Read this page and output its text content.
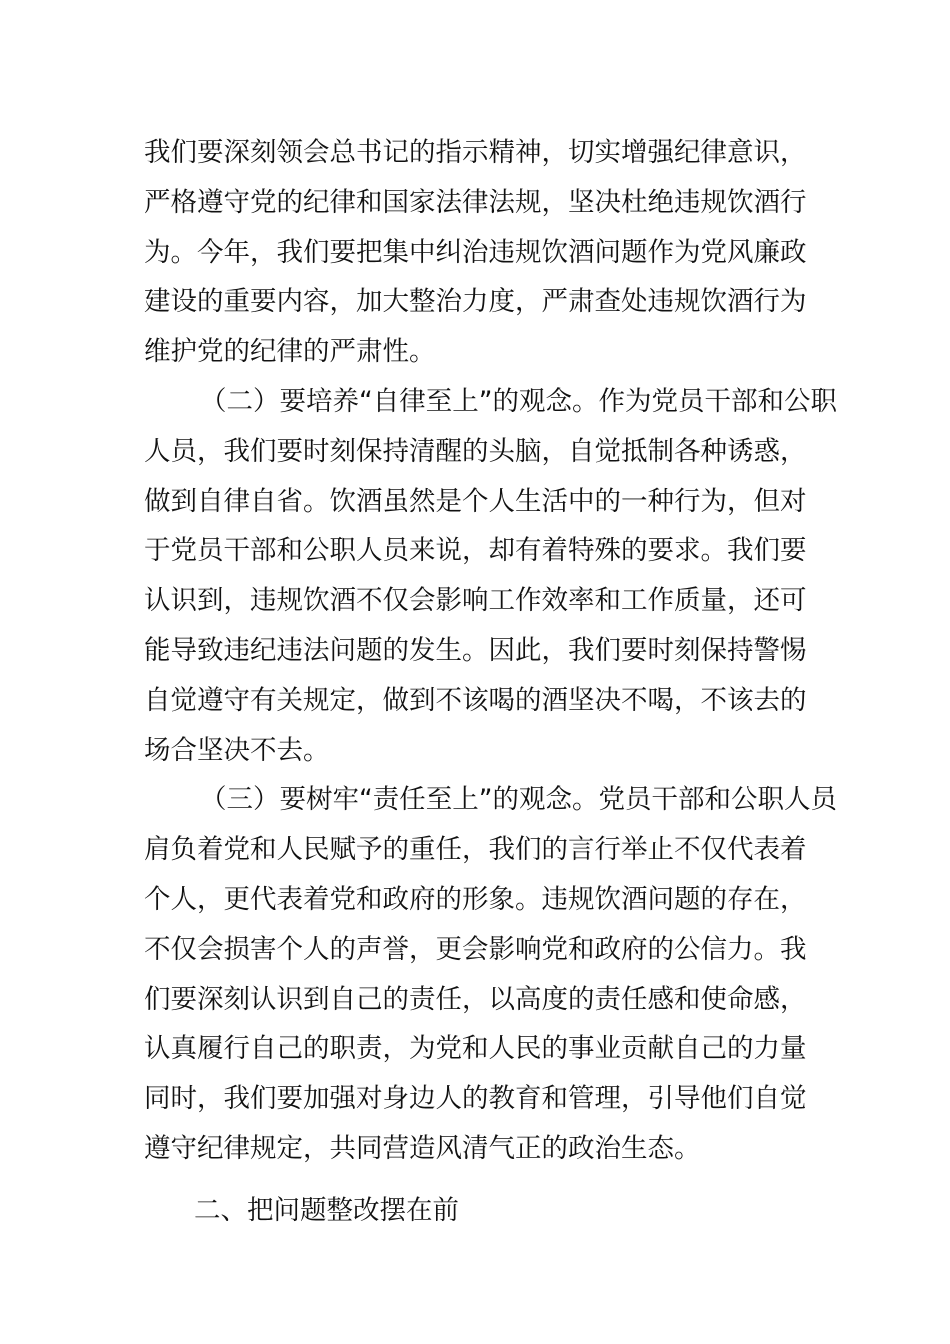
我们要深刻领会总书记的指示精神，切实增强纪律意识，
严格遵守党的纪律和国家法律法规，坚决杜绝违规饮酒行
为。今年，我们要把集中纠治违规饮酒问题作为党风廉政
建设的重要内容，加大整治力度，严肃查处违规饮酒行为
维护党的纪律的严肃性。

（二）要培养“自律至上”的观念。作为党员干部和公职
人员，我们要时刻保持清醒的头脑，自觉抵制各种诱惑，
做到自律自省。饮酒虽然是个人生活中的一种行为，但对
于党员干部和公职人员来说，却有着特殊的要求。我们要
认识到，违规饮酒不仅会影响工作效率和工作质量，还可
能导致违纪违法问题的发生。因此，我们要时刻保持警惕
自觉遵守有关规定，做到不该喝的酒坚决不喝，不该去的
场合坚决不去。

（三）要树牢“责任至上”的观念。党员干部和公职人员
肩负着党和人民赋予的重任，我们的言行举止不仅代表着
个人，更代表着党和政府的形象。违规饮酒问题的存在，
不仅会损害个人的声誉，更会影响党和政府的公信力。我
们要深刻认识到自己的责任，以高度的责任感和使命感，
认真履行自己的职责，为党和人民的事业贡献自己的力量
同时，我们要加强对身边人的教育和管理，引导他们自觉
遵守纪律规定，共同营造风清气正的政治生态。

二、把问题整改摆在前
